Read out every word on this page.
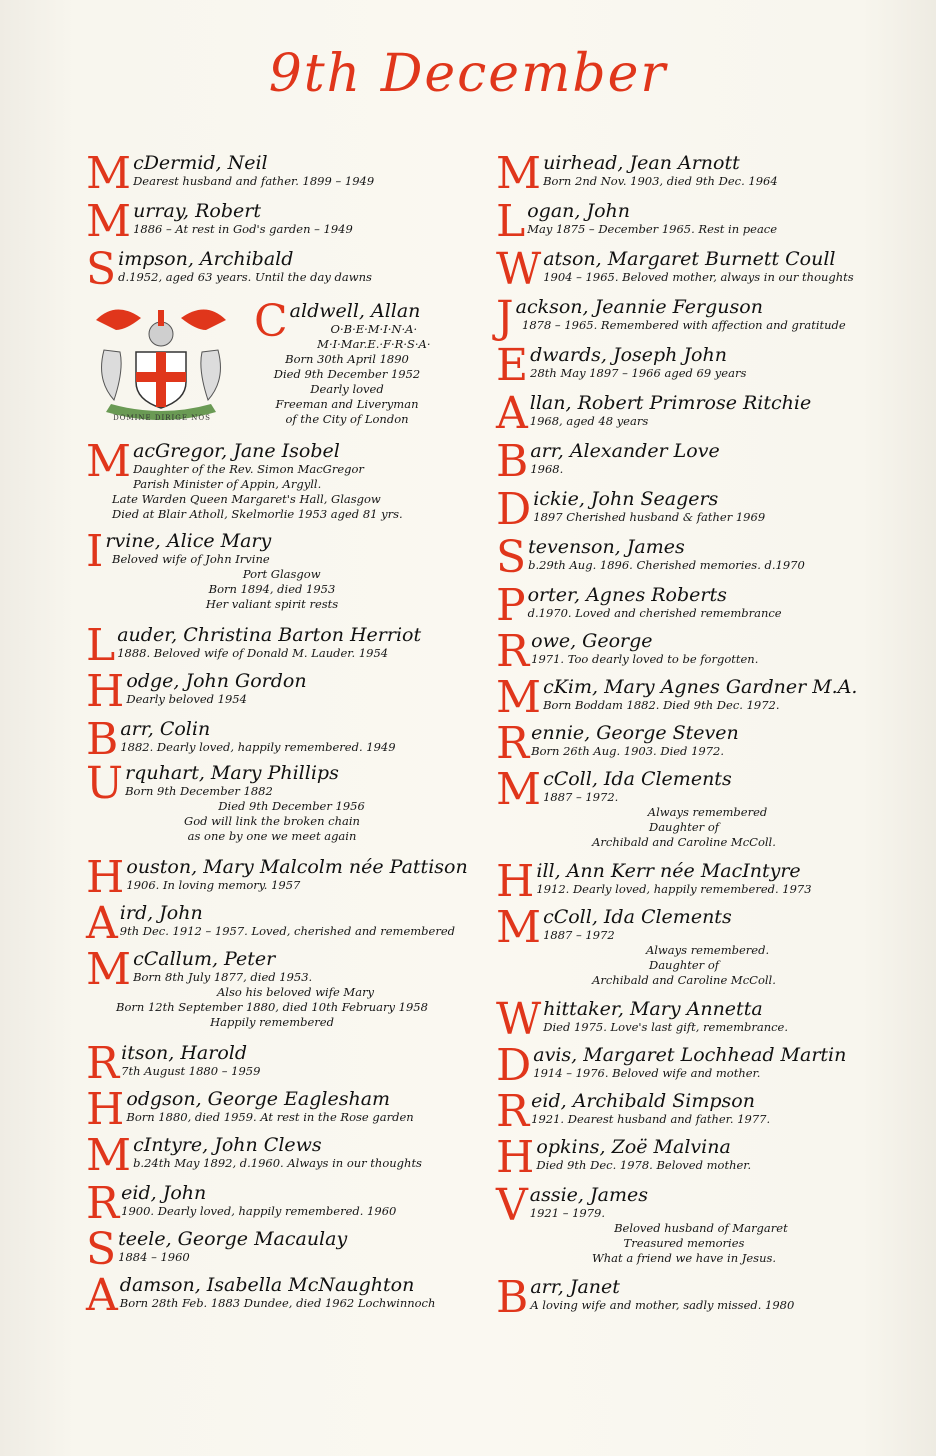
9th December
McDermid, Neil
Dearest husband and father. 1899 – 1949
Murray, Robert
1886 – At rest in God's garden – 1949
Simpson, Archibald
d.1952, aged 63 years. Until the day dawns
DOMINE DIRIGE NOS
Caldwell, Allan
O·B·E·M·I·N·A·
M·I·Mar.E.·F·R·S·A·
Born 30th April 1890
Died 9th December 1952
Dearly loved
Freeman and Liveryman
of the City of London
MacGregor, Jane Isobel
Daughter of the Rev. Simon MacGregor
Parish Minister of Appin, Argyll.
Late Warden Queen Margaret's Hall, Glasgow
Died at Blair Atholl, Skelmorlie 1953 aged 81 yrs.
Irvine, Alice Mary
Beloved wife of John Irvine
Port Glasgow
Born 1894, died 1953
Her valiant spirit rests
Lauder, Christina Barton Herriot
1888. Beloved wife of Donald M. Lauder. 1954
Hodge, John Gordon
Dearly beloved 1954
Barr, Colin
1882. Dearly loved, happily remembered. 1949
Urquhart, Mary Phillips
Born 9th December 1882
Died 9th December 1956
God will link the broken chain
as one by one we meet again
Houston, Mary Malcolm née Pattison
1906. In loving memory. 1957
Aird, John
9th Dec. 1912 – 1957. Loved, cherished and remembered
McCallum, Peter
Born 8th July 1877, died 1953.
Also his beloved wife Mary
Born 12th September 1880, died 10th February 1958
Happily remembered
Ritson, Harold
7th August 1880 – 1959
Hodgson, George Eaglesham
Born 1880, died 1959. At rest in the Rose garden
McIntyre, John Clews
b.24th May 1892, d.1960. Always in our thoughts
Reid, John
1900. Dearly loved, happily remembered. 1960
Steele, George Macaulay
1884 – 1960
Adamson, Isabella McNaughton
Born 28th Feb. 1883 Dundee, died 1962 Lochwinnoch
Muirhead, Jean Arnott
Born 2nd Nov. 1903, died 9th Dec. 1964
Logan, John
May 1875 – December 1965. Rest in peace
Watson, Margaret Burnett Coull
1904 – 1965. Beloved mother, always in our thoughts
Jackson, Jeannie Ferguson
1878 – 1965. Remembered with affection and gratitude
Edwards, Joseph John
28th May 1897 – 1966 aged 69 years
Allan, Robert Primrose Ritchie
1968, aged 48 years
Barr, Alexander Love
1968.
Dickie, John Seagers
1897 Cherished husband & father 1969
Stevenson, James
b.29th Aug. 1896. Cherished memories. d.1970
Porter, Agnes Roberts
d.1970. Loved and cherished remembrance
Rowe, George
1971. Too dearly loved to be forgotten.
McKim, Mary Agnes Gardner M.A.
Born Boddam 1882. Died 9th Dec. 1972.
Rennie, George Steven
Born 26th Aug. 1903. Died 1972.
McColl, Ida Clements
1887 – 1972.
Always remembered
Daughter of
Archibald and Caroline McColl.
Hill, Ann Kerr née MacIntyre
1912. Dearly loved, happily remembered. 1973
McColl, Ida Clements
1887 – 1972
Always remembered.
Daughter of
Archibald and Caroline McColl.
Whittaker, Mary Annetta
Died 1975. Love's last gift, remembrance.
Davis, Margaret Lochhead Martin
1914 – 1976. Beloved wife and mother.
Reid, Archibald Simpson
1921. Dearest husband and father. 1977.
Hopkins, Zoë Malvina
Died 9th Dec. 1978. Beloved mother.
Vassie, James
1921 – 1979.
Beloved husband of Margaret
Treasured memories
What a friend we have in Jesus.
Barr, Janet
A loving wife and mother, sadly missed. 1980
